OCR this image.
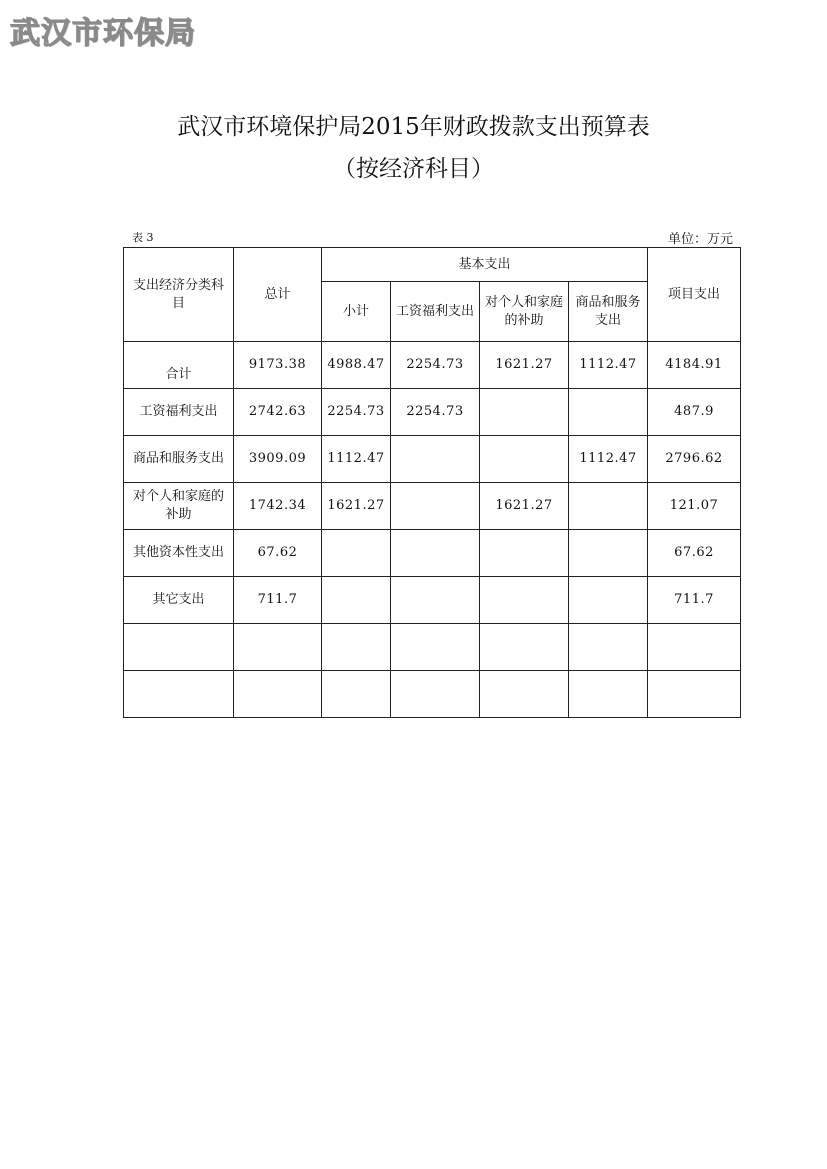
武汉市环保局
武汉市环境保护局2015年财政拨款支出预算表
（按经济科目）
表 3	单位：万元
支出经济分类科目	总计	基本支出				项目支出
		小计	工资福利支出	对个人和家庭的补助	商品和服务支出	
合计	9173.38	4988.47	2254.73	1621.27	1112.47	4184.91
工资福利支出	2742.63	2254.73	2254.73			487.9
商品和服务支出	3909.09	1112.47			1112.47	2796.62
对个人和家庭的补助	1742.34	1621.27		1621.27		121.07
其他资本性支出	67.62					67.62
其它支出	711.7					711.7
